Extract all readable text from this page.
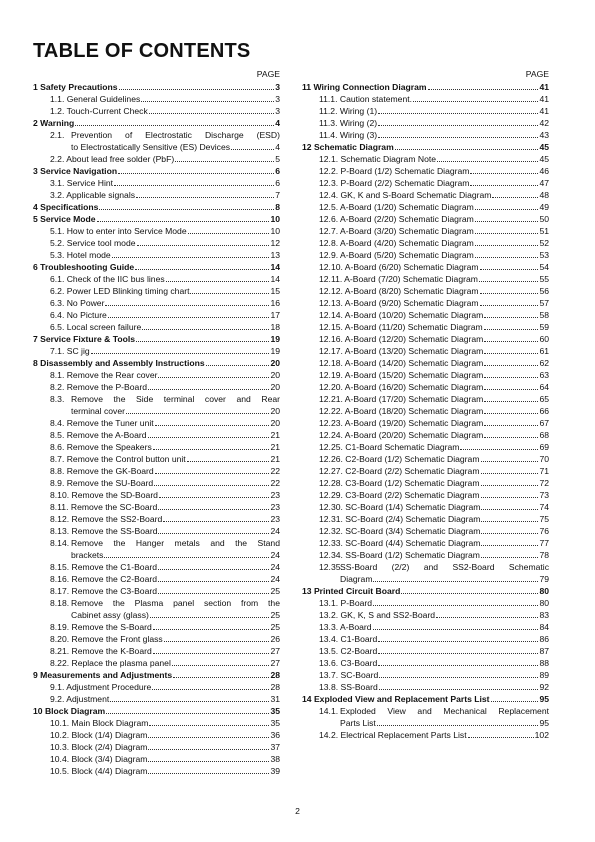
TABLE OF CONTENTS
PAGE
1 Safety Precautions	3
1.1. General Guidelines	3
1.2. Touch-Current Check	3
2 Warning	4
2.1. Prevention of Electrostatic Discharge (ESD)
to Electrostatically Sensitive (ES) Devices	4
2.2. About lead free solder (PbF)	5
3 Service Navigation	6
3.1. Service Hint	6
3.2. Applicable signals	7
4 Specifications	8
5 Service Mode	10
5.1. How to enter into Service Mode	10
5.2. Service tool mode	12
5.3. Hotel mode	13
6 Troubleshooting Guide	14
6.1. Check of the IIC bus lines	14
6.2. Power LED Blinking timing chart	15
6.3. No Power	16
6.4. No Picture	17
6.5. Local screen failure	18
7 Service Fixture & Tools	19
7.1. SC jig	19
8 Disassembly and Assembly Instructions	20
8.1. Remove the Rear cover	20
8.2. Remove the P-Board	20
8.3. Remove the Side terminal cover and Rear
terminal cover	20
8.4. Remove the Tuner unit	20
8.5. Remove the A-Board	21
8.6. Remove the Speakers	21
8.7. Remove the Control button unit	21
8.8. Remove the GK-Board	22
8.9. Remove the SU-Board	22
8.10. Remove the SD-Board	23
8.11. Remove the SC-Board	23
8.12. Remove the SS2-Board	23
8.13. Remove the SS-Board	24
8.14. Remove the Hanger metals and the Stand
brackets	24
8.15. Remove the C1-Board	24
8.16. Remove the C2-Board	24
8.17. Remove the C3-Board	25
8.18. Remove the Plasma panel section from the
Cabinet assy (glass)	25
8.19. Remove the S-Board	25
8.20. Remove the Front glass	26
8.21. Remove the K-Board	27
8.22. Replace the plasma panel	27
9 Measurements and Adjustments	28
9.1. Adjustment Procedure	28
9.2. Adjustment	31
10 Block Diagram	35
10.1. Main Block Diagram	35
10.2. Block (1/4) Diagram	36
10.3. Block (2/4) Diagram	37
10.4. Block (3/4) Diagram	38
10.5. Block (4/4) Diagram	39
PAGE
11 Wiring Connection Diagram	41
11.1. Caution statement.	41
11.2. Wiring (1)	41
11.3. Wiring (2)	42
11.4. Wiring (3)	43
12 Schematic Diagram	45
12.1. Schematic Diagram Note	45
12.2. P-Board (1/2) Schematic Diagram	46
12.3. P-Board (2/2) Schematic Diagram	47
12.4. GK, K and S-Board Schematic Diagram	48
12.5. A-Board (1/20) Schematic Diagram	49
12.6. A-Board (2/20) Schematic Diagram	50
12.7. A-Board (3/20) Schematic Diagram	51
12.8. A-Board (4/20) Schematic Diagram	52
12.9. A-Board (5/20) Schematic Diagram	53
12.10. A-Board (6/20) Schematic Diagram	54
12.11. A-Board (7/20) Schematic Diagram	55
12.12. A-Board (8/20) Schematic Diagram	56
12.13. A-Board (9/20) Schematic Diagram	57
12.14. A-Board (10/20) Schematic Diagram	58
12.15. A-Board (11/20) Schematic Diagram	59
12.16. A-Board (12/20) Schematic Diagram	60
12.17. A-Board (13/20) Schematic Diagram	61
12.18. A-Board (14/20) Schematic Diagram	62
12.19. A-Board (15/20) Schematic Diagram	63
12.20. A-Board (16/20) Schematic Diagram	64
12.21. A-Board (17/20) Schematic Diagram	65
12.22. A-Board (18/20) Schematic Diagram	66
12.23. A-Board (19/20) Schematic Diagram	67
12.24. A-Board (20/20) Schematic Diagram	68
12.25. C1-Board Schematic Diagram	69
12.26. C2-Board (1/2) Schematic Diagram	70
12.27. C2-Board (2/2) Schematic Diagram	71
12.28. C3-Board (1/2) Schematic Diagram	72
12.29. C3-Board (2/2) Schematic Diagram	73
12.30. SC-Board (1/4) Schematic Diagram	74
12.31. SC-Board (2/4) Schematic Diagram	75
12.32. SC-Board (3/4) Schematic Diagram	76
12.33. SC-Board (4/4) Schematic Diagram	77
12.34. SS-Board (1/2) Schematic Diagram	78
12.35.
SS-Board (2/2) and SS2-Board Schematic
Diagram	79
13 Printed Circuit Board	80
13.1. P-Board	80
13.2. GK, K, S and SS2-Board	83
13.3. A-Board	84
13.4. C1-Board	86
13.5. C2-Board	87
13.6. C3-Board	88
13.7. SC-Board	89
13.8. SS-Board	92
14 Exploded View and Replacement Parts List	95
14.1. Exploded View and Mechanical Replacement
Parts List	95
14.2. Electrical Replacement Parts List	102
2
